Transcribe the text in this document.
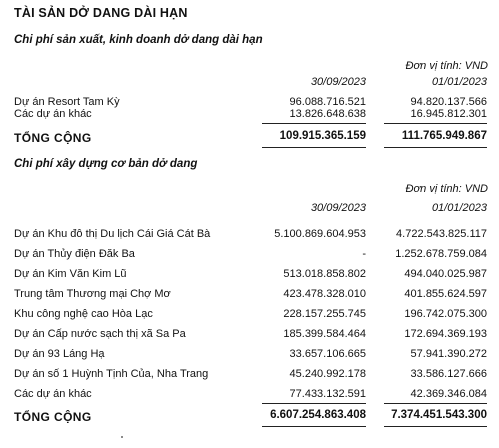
TÀI SẢN DỞ DANG DÀI HẠN
Chi phí sản xuất, kinh doanh dở dang dài hạn
Đơn vị tính: VND
30/09/2023	01/01/2023
Dự án Resort Tam Kỳ	96.088.716.521	94.820.137.566
Các dự án khác	13.826.648.638	16.945.812.301
TỔNG CỘNG	109.915.365.159	111.765.949.867
Chi phí xây dựng cơ bản dở dang
Đơn vị tính: VND
30/09/2023	01/01/2023
Dự án Khu đô thị Du lịch Cái Giá Cát Bà	5.100.869.604.953	4.722.543.825.117
Dự án Thủy điện Đăk Ba	-	1.252.678.759.084
Dự án Kim Văn Kim Lũ	513.018.858.802	494.040.025.987
Trung tâm Thương mại Chợ Mơ	423.478.328.010	401.855.624.597
Khu công nghệ cao Hòa Lạc	228.157.255.745	196.742.075.300
Dự án Cấp nước sạch thị xã Sa Pa	185.399.584.464	172.694.369.193
Dự án 93 Láng Hạ	33.657.106.665	57.941.390.272
Dự án số 1 Huỳnh Tịnh Của, Nha Trang	45.240.992.178	33.586.127.666
Các dự án khác	77.433.132.591	42.369.346.084
TỔNG CỘNG	6.607.254.863.408	7.374.451.543.300
